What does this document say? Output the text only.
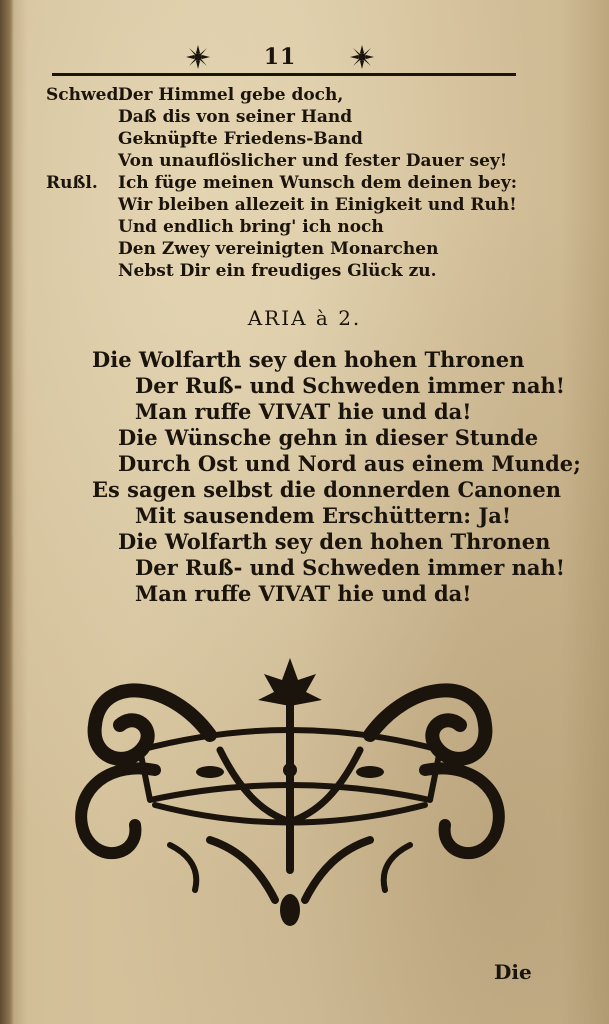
11
Schwed.
Der Himmel gebe doch,
Daß dis von seiner Hand
Geknüpfte Friedens-Band
Von unauflöslicher und fester Dauer sey!
Rußl. Ich füge meinen Wunsch dem deinen bey:
Wir bleiben allezeit in Einigkeit und Ruh!
Und endlich bring' ich noch
Den Zwey vereinigten Monarchen
Nebst Dir ein freudiges Glück zu.
ARIA à 2.
Die Wolfarth sey den hohen Thronen
Der Ruß- und Schweden immer nah!
Man ruffe VIVAT hie und da!
Die Wünsche gehn in dieser Stunde
Durch Ost und Nord aus einem Munde;
Es sagen selbst die donnerden Canonen
Mit sausendem Erschüttern: Ja!
Die Wolfarth sey den hohen Thronen
Der Ruß- und Schweden immer nah!
Man ruffe VIVAT hie und da!
Die
